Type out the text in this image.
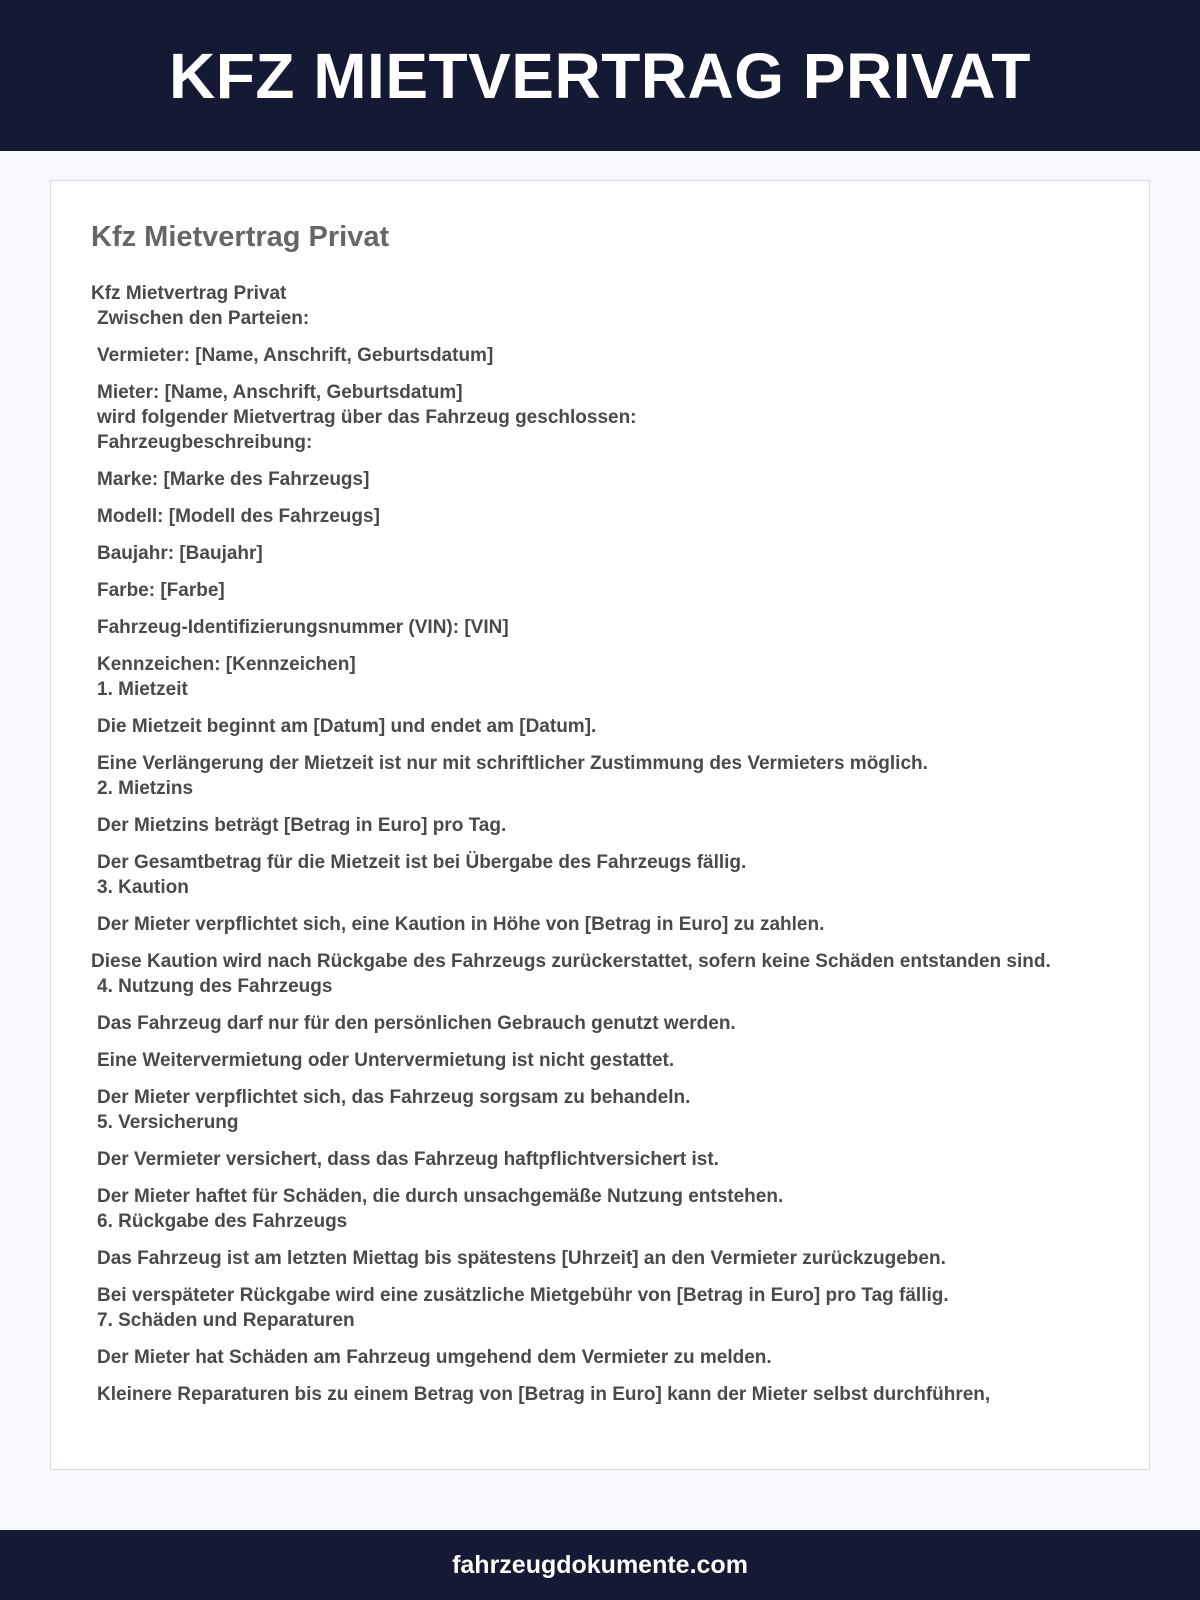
KFZ MIETVERTRAG PRIVAT
Kfz Mietvertrag Privat
Kfz Mietvertrag Privat
Zwischen den Parteien:
Vermieter: [Name, Anschrift, Geburtsdatum]
Mieter: [Name, Anschrift, Geburtsdatum]
wird folgender Mietvertrag über das Fahrzeug geschlossen:
Fahrzeugbeschreibung:
Marke: [Marke des Fahrzeugs]
Modell: [Modell des Fahrzeugs]
Baujahr: [Baujahr]
Farbe: [Farbe]
Fahrzeug-Identifizierungsnummer (VIN): [VIN]
Kennzeichen: [Kennzeichen]
1. Mietzeit
Die Mietzeit beginnt am [Datum] und endet am [Datum].
Eine Verlängerung der Mietzeit ist nur mit schriftlicher Zustimmung des Vermieters möglich.
2. Mietzins
Der Mietzins beträgt [Betrag in Euro] pro Tag.
Der Gesamtbetrag für die Mietzeit ist bei Übergabe des Fahrzeugs fällig.
3. Kaution
Der Mieter verpflichtet sich, eine Kaution in Höhe von [Betrag in Euro] zu zahlen.
Diese Kaution wird nach Rückgabe des Fahrzeugs zurückerstattet, sofern keine Schäden entstanden sind.
4. Nutzung des Fahrzeugs
Das Fahrzeug darf nur für den persönlichen Gebrauch genutzt werden.
Eine Weitervermietung oder Untervermietung ist nicht gestattet.
Der Mieter verpflichtet sich, das Fahrzeug sorgsam zu behandeln.
5. Versicherung
Der Vermieter versichert, dass das Fahrzeug haftpflichtversichert ist.
Der Mieter haftet für Schäden, die durch unsachgemäße Nutzung entstehen.
6. Rückgabe des Fahrzeugs
Das Fahrzeug ist am letzten Miettag bis spätestens [Uhrzeit] an den Vermieter zurückzugeben.
Bei verspäteter Rückgabe wird eine zusätzliche Mietgebühr von [Betrag in Euro] pro Tag fällig.
7. Schäden und Reparaturen
Der Mieter hat Schäden am Fahrzeug umgehend dem Vermieter zu melden.
Kleinere Reparaturen bis zu einem Betrag von [Betrag in Euro] kann der Mieter selbst durchführen,
fahrzeugdokumente.com
